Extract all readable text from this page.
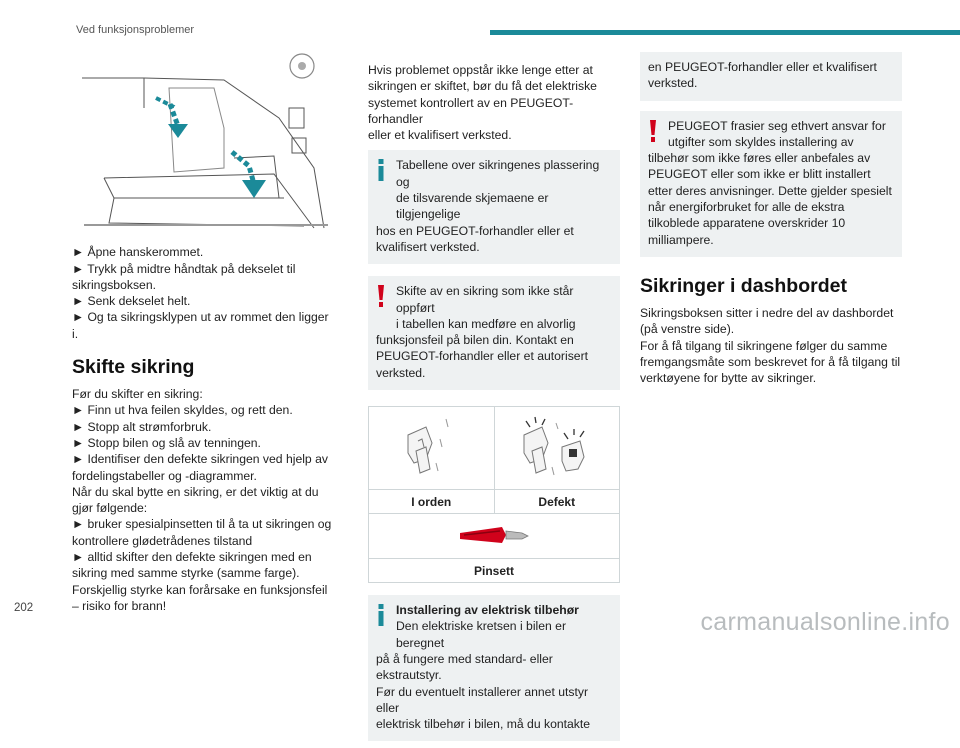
Ved funksjonsproblemer
► Åpne hanskerommet.
► Trykk på midtre håndtak på dekselet til
sikringsboksen.
► Senk dekselet helt.
► Og ta sikringsklypen ut av rommet den ligger
i.
Skifte sikring
Før du skifter en sikring:
► Finn ut hva feilen skyldes, og rett den.
► Stopp alt strømforbruk.
► Stopp bilen og slå av tenningen.
► Identifiser den defekte sikringen ved hjelp av
fordelingstabeller og -diagrammer.
Når du skal bytte en sikring, er det viktig at du
gjør følgende:
► bruker spesialpinsetten til å ta ut sikringen og
kontrollere glødetrådenes tilstand
► alltid skifter den defekte sikringen med en
sikring med samme styrke (samme farge).
Forskjellig styrke kan forårsake en funksjonsfeil
– risiko for brann!
Hvis problemet oppstår ikke lenge etter at
sikringen er skiftet, bør du få det elektriske
systemet kontrollert av en PEUGEOT-forhandler
eller et kvalifisert verksted.
Tabellene over sikringenes plassering og
de tilsvarende skjemaene er tilgjengelige
hos en PEUGEOT-forhandler eller et
kvalifisert verksted.
Skifte av en sikring som ikke står oppført
i tabellen kan medføre en alvorlig
funksjonsfeil på bilen din. Kontakt en
PEUGEOT-forhandler eller et autorisert
verksted.
I orden	Defekt
Pinsett
Installering av elektrisk tilbehør
Den elektriske kretsen i bilen er beregnet
på å fungere med standard- eller ekstrautstyr.
Før du eventuelt installerer annet utstyr eller
elektrisk tilbehør i bilen, må du kontakte
en PEUGEOT-forhandler eller et kvalifisert
verksted.
PEUGEOT frasier seg ethvert ansvar for
utgifter som skyldes installering av
tilbehør som ikke føres eller anbefales av
PEUGEOT eller som ikke er blitt installert
etter deres anvisninger. Dette gjelder spesielt
når energiforbruket for alle de ekstra
tilkoblede apparatene overskrider 10
milliampere.
Sikringer i dashbordet
Sikringsboksen sitter i nedre del av dashbordet
(på venstre side).
For å få tilgang til sikringene følger du samme
fremgangsmåte som beskrevet for å få tilgang til
verktøyene for bytte av sikringer.
202	carmanualsonline.info
